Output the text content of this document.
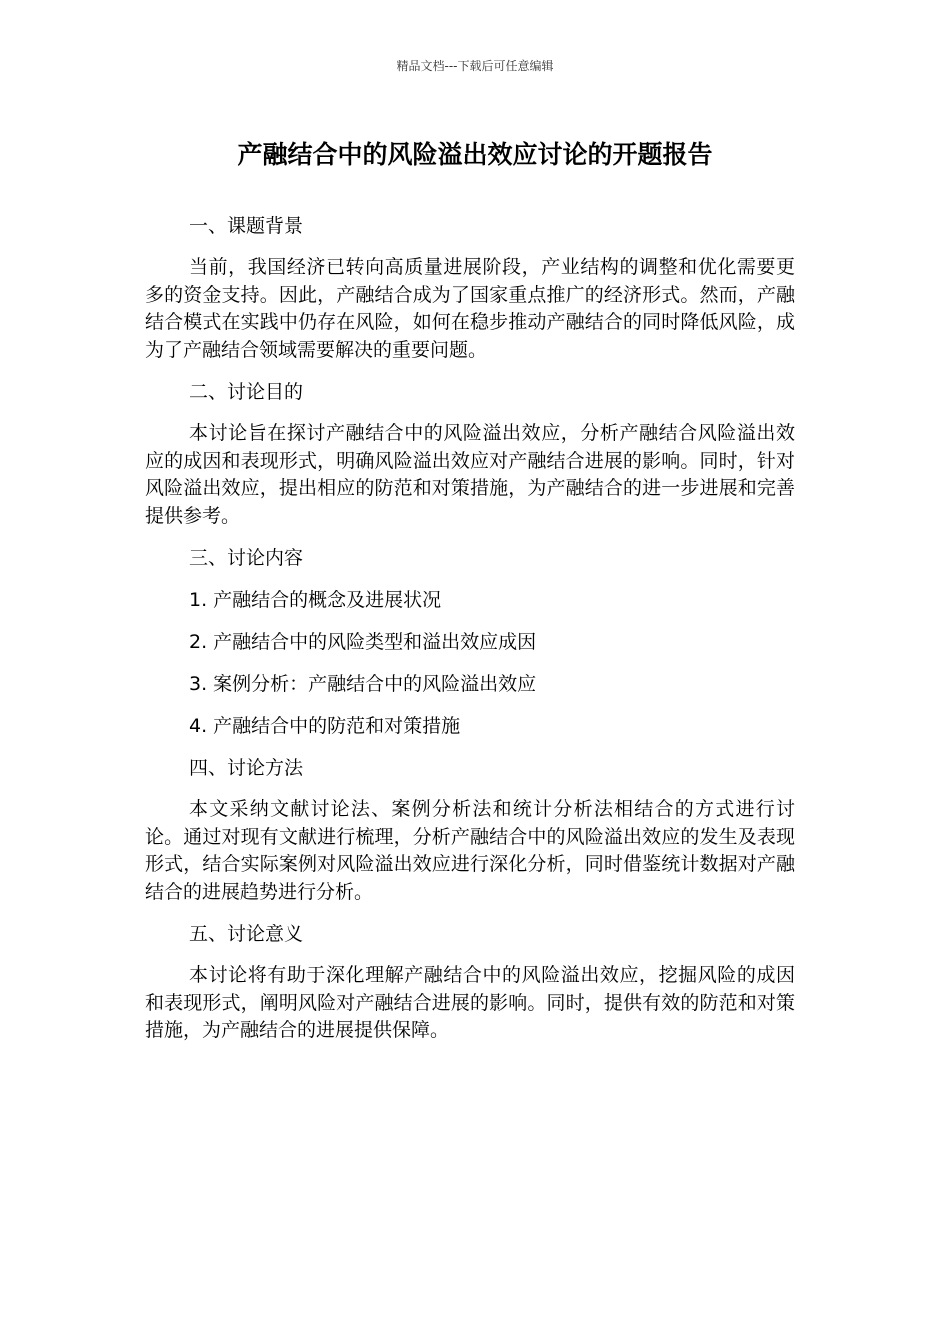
精品文档---下载后可任意编辑
产融结合中的风险溢出效应讨论的开题报告

一、课题背景

当前，我国经济已转向高质量进展阶段，产业结构的调整和优化需要更多的资金支持。因此，产融结合成为了国家重点推广的经济形式。然而，产融结合模式在实践中仍存在风险，如何在稳步推动产融结合的同时降低风险，成为了产融结合领域需要解决的重要问题。

二、讨论目的

本讨论旨在探讨产融结合中的风险溢出效应，分析产融结合风险溢出效应的成因和表现形式，明确风险溢出效应对产融结合进展的影响。同时，针对风险溢出效应，提出相应的防范和对策措施，为产融结合的进一步进展和完善提供参考。

三、讨论内容

1. 产融结合的概念及进展状况

2. 产融结合中的风险类型和溢出效应成因

3. 案例分析：产融结合中的风险溢出效应

4. 产融结合中的防范和对策措施

四、讨论方法

本文采纳文献讨论法、案例分析法和统计分析法相结合的方式进行讨论。通过对现有文献进行梳理，分析产融结合中的风险溢出效应的发生及表现形式，结合实际案例对风险溢出效应进行深化分析，同时借鉴统计数据对产融结合的进展趋势进行分析。

五、讨论意义

本讨论将有助于深化理解产融结合中的风险溢出效应，挖掘风险的成因和表现形式，阐明风险对产融结合进展的影响。同时，提供有效的防范和对策措施，为产融结合的进展提供保障。
